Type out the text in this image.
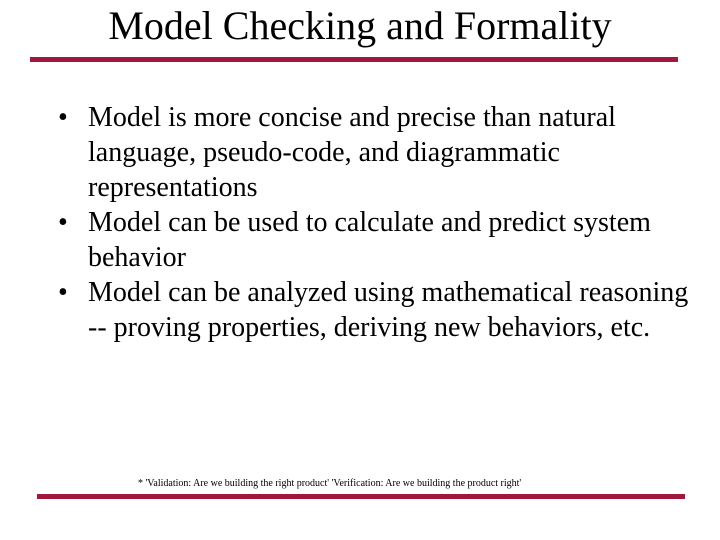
Model Checking and Formality
• Model is more concise and precise than natural language, pseudo-code, and diagrammatic representations
• Model can be used to calculate and predict system behavior
• Model can be analyzed using mathematical reasoning -- proving properties, deriving new behaviors, etc.
* 'Validation: Are we building the right product' 'Verification: Are we building the product right'
